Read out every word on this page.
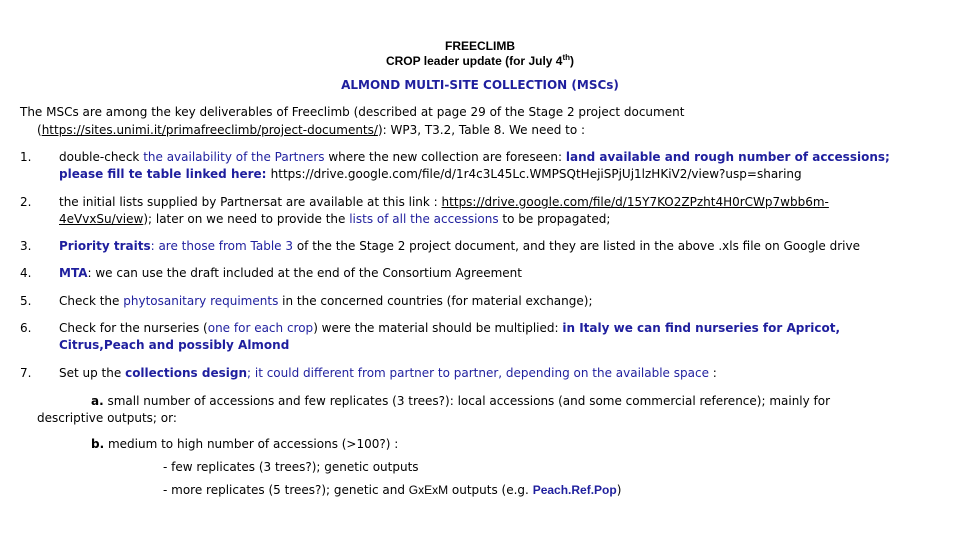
FREECLIMB
CROP leader update (for July 4th)
ALMOND MULTI-SITE COLLECTION (MSCs)
The MSCs are among the key deliverables of Freeclimb (described at page 29 of the Stage 2 project document
(https://sites.unimi.it/primafreeclimb/project-documents/): WP3, T3.2, Table 8. We need to :
1. double-check the availability of the Partners where the new collection are foreseen: land available and rough number of accessions;
please fill te table linked here: https://drive.google.com/file/d/1r4c3L45Lc.WMPSQtHejiSPjUj1lzHKiV2/view?usp=sharing
2. the initial lists supplied by Partnersat are available at this link : https://drive.google.com/file/d/15Y7KO2ZPzht4H0rCWp7wbb6m-
4eVvxSu/view); later on we need to provide the lists of all the accessions to be propagated;
3. Priority traits: are those from Table 3 of the the Stage 2 project document, and they are listed in the above .xls file on Google drive
4. MTA: we can use the draft included at the end of the Consortium Agreement
5. Check the phytosanitary requiments in the concerned countries (for material exchange);
6. Check for the nurseries (one for each crop) were the material should be multiplied: in Italy we can find nurseries for Apricot,
Citrus,Peach and possibly Almond
7. Set up the collections design; it could different from partner to partner, depending on the available space :
a. small number of accessions and few replicates (3 trees?): local accessions (and some commercial reference); mainly for
descriptive outputs; or:
b. medium to high number of accessions (>100?) :
- few replicates (3 trees?); genetic outputs
- more replicates (5 trees?); genetic and GxExM outputs (e.g. Peach.Ref.Pop)
